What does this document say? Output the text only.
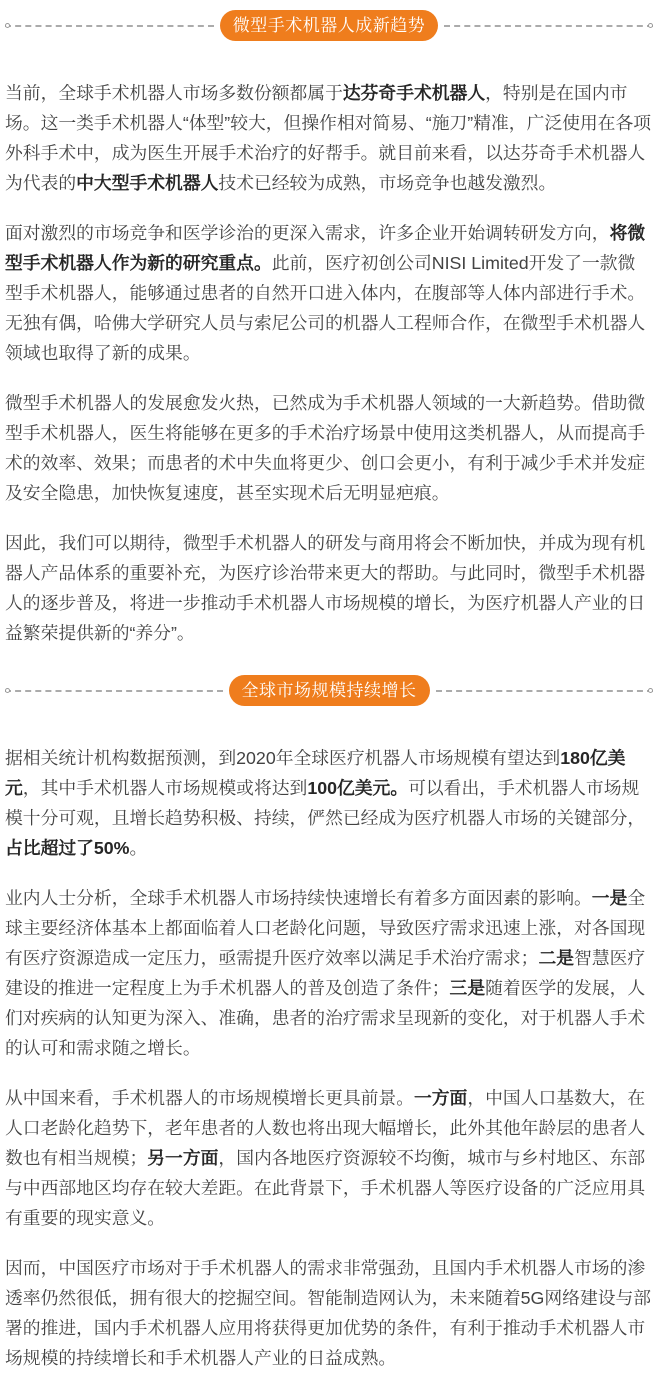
微型手术机器人成新趋势

当前，全球手术机器人市场多数份额都属于达芬奇手术机器人，特别是在国内市场。这一类手术机器人“体型”较大，但操作相对简易、“施刀”精准，广泛使用在各项外科手术中，成为医生开展手术治疗的好帮手。就目前来看，以达芬奇手术机器人为代表的中大型手术机器人技术已经较为成熟，市场竞争也越发激烈。

面对激烈的市场竞争和医学诊治的更深入需求，许多企业开始调转研发方向，将微型手术机器人作为新的研究重点。此前，医疗初创公司NISI Limited开发了一款微型手术机器人，能够通过患者的自然开口进入体内，在腹部等人体内部进行手术。无独有偶，哈佛大学研究人员与索尼公司的机器人工程师合作，在微型手术机器人领域也取得了新的成果。

微型手术机器人的发展愈发火热，已然成为手术机器人领域的一大新趋势。借助微型手术机器人，医生将能够在更多的手术治疗场景中使用这类机器人，从而提高手术的效率、效果；而患者的术中失血将更少、创口会更小，有利于减少手术并发症及安全隐患，加快恢复速度，甚至实现术后无明显疤痕。

因此，我们可以期待，微型手术机器人的研发与商用将会不断加快，并成为现有机器人产品体系的重要补充，为医疗诊治带来更大的帮助。与此同时，微型手术机器人的逐步普及，将进一步推动手术机器人市场规模的增长，为医疗机器人产业的日益繁荣提供新的“养分”。

全球市场规模持续增长

据相关统计机构数据预测，到2020年全球医疗机器人市场规模有望达到180亿美元，其中手术机器人市场规模或将达到100亿美元。可以看出，手术机器人市场规模十分可观，且增长趋势积极、持续，俨然已经成为医疗机器人市场的关键部分，占比超过了50%。

业内人士分析，全球手术机器人市场持续快速增长有着多方面因素的影响。一是全球主要经济体基本上都面临着人口老龄化问题，导致医疗需求迅速上涨，对各国现有医疗资源造成一定压力，亟需提升医疗效率以满足手术治疗需求；二是智慧医疗建设的推进一定程度上为手术机器人的普及创造了条件；三是随着医学的发展，人们对疾病的认知更为深入、准确，患者的治疗需求呈现新的变化，对于机器人手术的认可和需求随之增长。

从中国来看，手术机器人的市场规模增长更具前景。一方面，中国人口基数大，在人口老龄化趋势下，老年患者的人数也将出现大幅增长，此外其他年龄层的患者人数也有相当规模；另一方面，国内各地医疗资源较不均衡，城市与乡村地区、东部与中西部地区均存在较大差距。在此背景下，手术机器人等医疗设备的广泛应用具有重要的现实意义。

因而，中国医疗市场对于手术机器人的需求非常强劲，且国内手术机器人市场的渗透率仍然很低，拥有很大的挖掘空间。智能制造网认为，未来随着5G网络建设与部署的推进，国内手术机器人应用将获得更加优势的条件，有利于推动手术机器人市场规模的持续增长和手术机器人产业的日益成熟。
